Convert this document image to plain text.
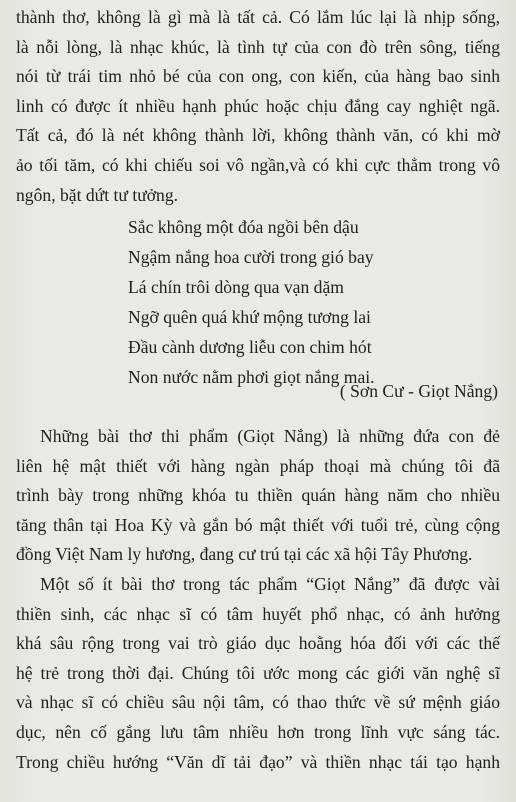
thành thơ, không là gì mà là tất cả. Có lắm lúc lại là nhịp sống,
là nỗi lòng, là nhạc khúc, là tình tự của con đò trên sông, tiếng
nói từ trái tim nhỏ bé của con ong, con kiến, của hàng bao sinh
linh có được ít nhiều hạnh phúc hoặc chịu đắng cay nghiệt ngã.
Tất cả, đó là nét không thành lời, không thành văn, có khi mờ
ảo tối tăm, có khi chiếu soi vô ngần,và có khi cực thẳm trong vô
ngôn, bặt dứt tư tưởng.
Sắc không một đóa ngồi bên dậu
Ngậm nắng hoa cười trong gió bay
Lá chín trôi dòng qua vạn dặm
Ngỡ quên quá khứ mộng tương lai
Đầu cành dương liễu con chim hót
Non nước nằm phơi giọt nắng mai.
( Sơn Cư - Giọt Nắng)
Những bài thơ thi phẩm (Giọt Nắng) là những đứa con đẻ
liên hệ mật thiết với hàng ngàn pháp thoại mà chúng tôi đã
trình bày trong những khóa tu thiền quán hàng năm cho nhiều
tăng thân tại Hoa Kỳ và gắn bó mật thiết với tuổi trẻ, cùng cộng
đồng Việt Nam ly hương, đang cư trú tại các xã hội Tây Phương.
Một số ít bài thơ trong tác phẩm “Giọt Nắng” đã được vài
thiền sinh, các nhạc sĩ có tâm huyết phổ nhạc, có ảnh hưởng
khá sâu rộng trong vai trò giáo dục hoằng hóa đối với các thế
hệ trẻ trong thời đại. Chúng tôi ước mong các giới văn nghệ sĩ
và nhạc sĩ có chiều sâu nội tâm, có thao thức về sứ mệnh giáo
dục, nên cố gắng lưu tâm nhiều hơn trong lĩnh vực sáng tác.
Trong chiều hướng “Văn dĩ tải đạo” và thiền nhạc tái tạo hạnh
